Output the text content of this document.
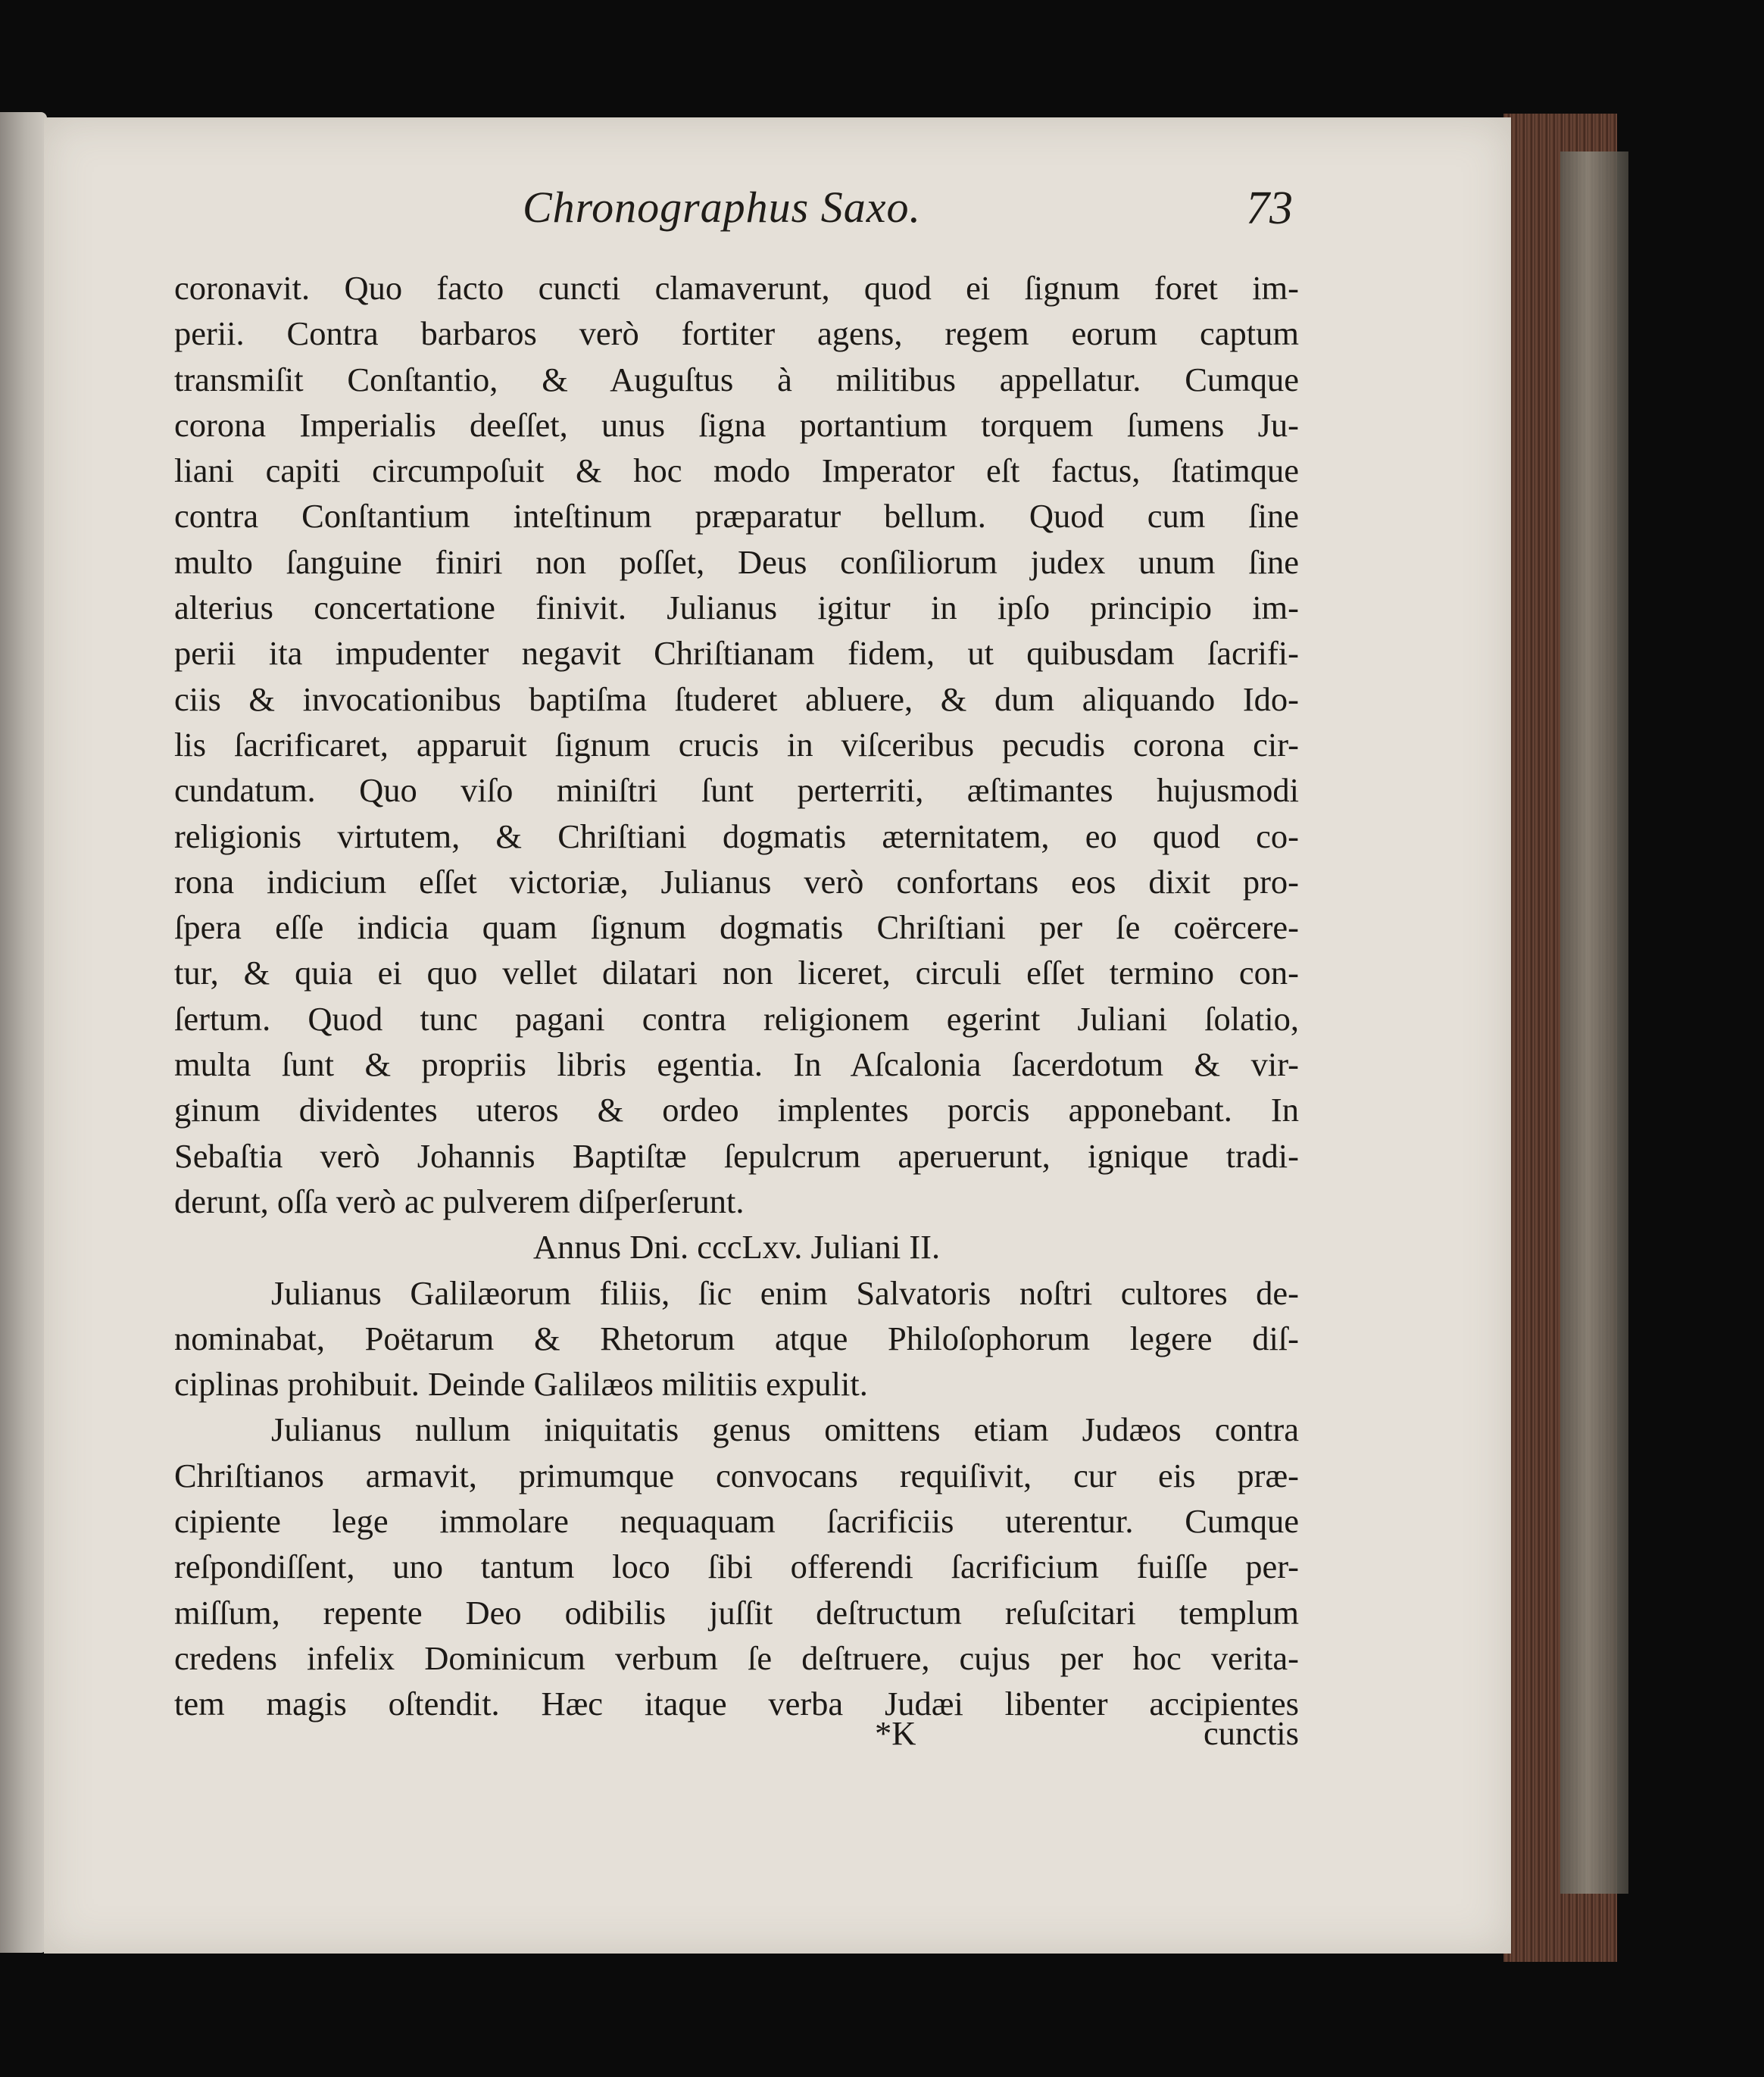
Chronographus Saxo.	73
coronavit. Quo facto cuncti clamaverunt, quod ei ſignum foret im-
perii. Contra barbaros verò fortiter agens, regem eorum captum
transmiſit Conſtantio, & Auguſtus à militibus appellatur. Cumque
corona Imperialis deeſſet, unus ſigna portantium torquem ſumens Ju-
liani capiti circumpoſuit & hoc modo Imperator eſt factus, ſtatimque
contra Conſtantium inteſtinum præparatur bellum. Quod cum ſine
multo ſanguine finiri non poſſet, Deus conſiliorum judex unum ſine
alterius concertatione finivit. Julianus igitur in ipſo principio im-
perii ita impudenter negavit Chriſtianam fidem, ut quibusdam ſacrifi-
ciis & invocationibus baptiſma ſtuderet abluere, & dum aliquando Ido-
lis ſacrificaret, apparuit ſignum crucis in viſceribus pecudis corona cir-
cundatum. Quo viſo miniſtri ſunt perterriti, æſtimantes hujusmodi
religionis virtutem, & Chriſtiani dogmatis æternitatem, eo quod co-
rona indicium eſſet victoriæ, Julianus verò confortans eos dixit pro-
ſpera eſſe indicia quam ſignum dogmatis Chriſtiani per ſe coërcere-
tur, & quia ei quo vellet dilatari non liceret, circuli eſſet termino con-
ſertum. Quod tunc pagani contra religionem egerint Juliani ſolatio,
multa ſunt & propriis libris egentia. In Aſcalonia ſacerdotum & vir-
ginum dividentes uteros & ordeo implentes porcis apponebant. In
Sebaſtia verò Johannis Baptiſtæ ſepulcrum aperuerunt, ignique tradi-
derunt, oſſa verò ac pulverem diſperſerunt.
Annus Dni. cccLxv. Juliani II.
Julianus Galilæorum filiis, ſic enim Salvatoris noſtri cultores de-
nominabat, Poëtarum & Rhetorum atque Philoſophorum legere diſ-
ciplinas prohibuit. Deinde Galilæos militiis expulit.
Julianus nullum iniquitatis genus omittens etiam Judæos contra
Chriſtianos armavit, primumque convocans requiſivit, cur eis præ-
cipiente lege immolare nequaquam ſacrificiis uterentur. Cumque
reſpondiſſent, uno tantum loco ſibi offerendi ſacrificium fuiſſe per-
miſſum, repente Deo odibilis juſſit deſtructum reſuſcitari templum
credens infelix Dominicum verbum ſe deſtruere, cujus per hoc verita-
tem magis oſtendit. Hæc itaque verba Judæi libenter accipientes
*K	cunctis
